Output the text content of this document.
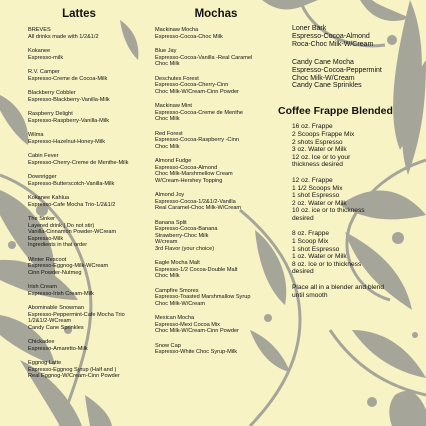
Lattes
BREVES
All drinks made with 1/2&1/2
Kokanee
Espresso-milk
R.V. Camper
Espresso-Creme de Cocoa-Milk
Blackberry Cobbler
Espresso-Blackberry-Vanilla-Milk
Raspberry Delight
Espresso-Raspberry-Vanilla-Milk
Wilma
Espresso-Hazelnut-Honey-Milk
Cabin Fever
Espresso-Cherry-Creme de Menthe-Milk
Downrigger
Espresso-Butterscotch-Vanilla-Milk
Kokanee Kahlua
Espresso-Cafe Mocha Trio-1/2&1/2
The Sinker
Layered drink ( Do not stir)
Vanilla-Cinnamon Powder-WCream
Espresso-Milk
Ingredients in that order
Winter Rescoot
Espresso-Eggnog-Milk-WCream
Cinn Powder-Nutmeg
Irish Cream
Espresso-Irish Cream-Milk
Abominable Snowman
Espresso-Peppermint-Cafe Mocha Trio
1/2&1/2-WCream
Candy Cane Sprinkles
Chickadee
Espresso-Amaretto-Milk
Eggnog Latte
Espresso-Eggnog Syrup (Half and )
Real Eggnog-W/Cream-Cinn Powder
Mochas
Mackinaw Mocha
Espresso-Cocoa-Choc Milk
Blue Jay
Espresso-Cocoa-Vanilla -Real Caramel
Choc Milk
Deschutes Forest
Espresso-Cocoa-Cherry-Cinn
Choc Milk-W/Cream-Cinn Powder
Mackinaw Mint
Espresso-Cocoa-Creme de Menthe
Choc Milk
Red Forest
Espresso-Cocoa-Raspberry -Cinn
Choc Milk
Almond Fudge
Espresso-Cocoa-Almond
Choc Milk-Marshmellow Cream
W/Cream-Hershey Topping
Almond Joy
Espresso-Cocoa-1/2&1/2-Vanilla
Real Caramel-Choc Milk-W/Cream
Banana Split
Espresso-Cocoa-Banana
Strawberry-Choc Milk
W/cream
3rd Flavor (your choice)
Eagle Mocha Malt
Espresso-1/2 Cocoa-Double Malt
Choc Milk
Campfire Smores
Espresso-Toasted Marshmallow Syrup
Choc Milk-W/Cream
Mexican Mocha
Espresso-Mexi Cocoa Mix
Choc Milk-W/Cream-Cinn Powder
Snow Cap
Espresso-White Choc Syrup-Milk
Loner Bark
Espresso-Cocoa-Almond
Roca-Choc Milk-W/Cream
Candy Cane Mocha
Espresso-Cocoa-Peppermint
Choc Milk-W/Cream
Candy Cane Sprinkles
Coffee Frappe Blended
16 oz. Frappe
2 Scoops Frappe Mix
2 shots Espresso
3 oz. Water or Milk
12 oz. Ice or to your
thickness desired
12 oz. Frappe
1 1/2 Scoops Mix
1 shot Espresso
2 oz. Water or Milk
10 oz. ice or to thickness
desired
8 oz. Frappe
1 Scoop Mix
1 shot Espresso
1 oz. Water or Milk
8 oz. Ice or to thickness
desired
Place all in a blender and blend
until smooth
